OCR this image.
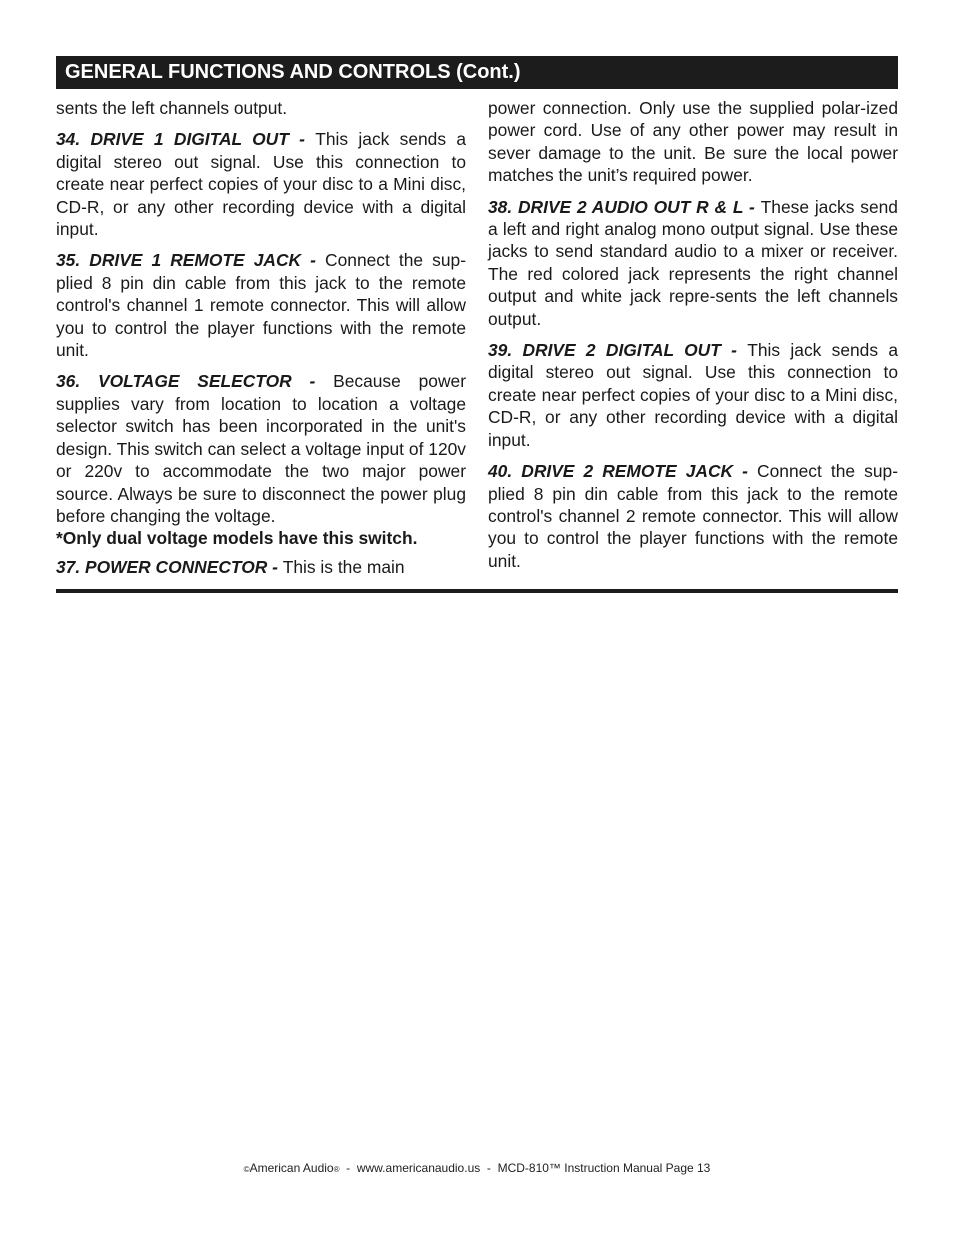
GENERAL FUNCTIONS AND CONTROLS (Cont.)

sents the left channels output.

34. DRIVE 1 DIGITAL OUT - This jack sends a digital stereo out signal. Use this connection to create near perfect copies of your disc to a Mini disc, CD-R, or any other recording device with a digital input.

35. DRIVE 1 REMOTE JACK - Connect the sup-plied 8 pin din cable from this jack to the remote control's channel 1 remote connector. This will allow you to control the player functions with the remote unit.

36. VOLTAGE SELECTOR - Because power supplies vary from location to location a voltage selector switch has been incorporated in the unit's design. This switch can select a voltage input of 120v or 220v to accommodate the two major power source. Always be sure to disconnect the power plug before changing the voltage.

*Only dual voltage models have this switch.

37. POWER CONNECTOR - This is the main

power connection. Only use the supplied polar-ized power cord. Use of any other power may result in sever damage to the unit. Be sure the local power matches the unit’s required power.

38. DRIVE 2 AUDIO OUT R & L - These jacks send a left and right analog mono output signal. Use these jacks to send standard audio to a mixer or receiver. The red colored jack represents the right channel output and white jack repre-sents the left channels output.

39. DRIVE 2 DIGITAL OUT - This jack sends a digital stereo out signal. Use this connection to create near perfect copies of your disc to a Mini disc, CD-R, or any other recording device with a digital input.

40. DRIVE 2 REMOTE JACK - Connect the sup-plied 8 pin din cable from this jack to the remote control's channel 2 remote connector. This will allow you to control the player functions with the remote unit.

©American Audio®  -  www.americanaudio.us  -  MCD-810™ Instruction Manual Page 13
